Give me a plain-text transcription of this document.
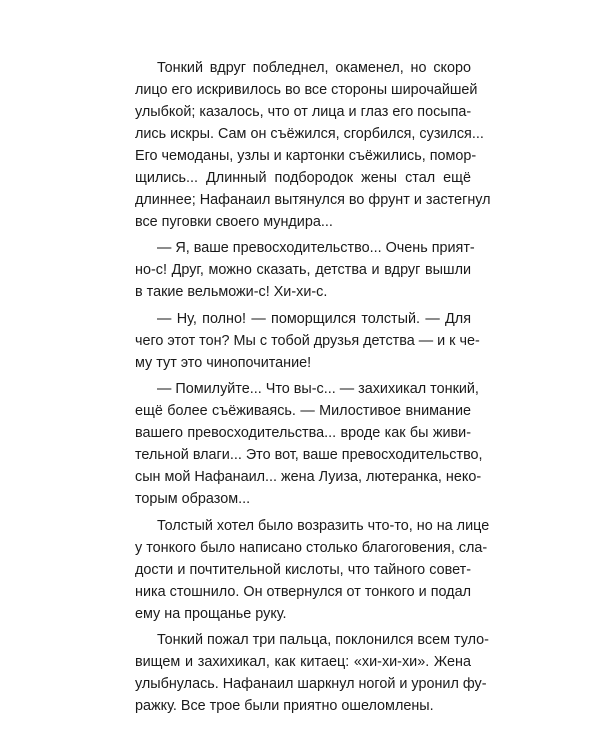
Тонкий вдруг побледнел, окаменел, но скоро
лицо его искривилось во все стороны широчайшей
улыбкой; казалось, что от лица и глаз его посыпа-
лись искры. Сам он съёжился, сгорбился, сузился...
Его чемоданы, узлы и картонки съёжились, помор-
щились... Длинный подбородок жены стал ещё
длиннее; Нафанаил вытянулся во фрунт и застегнул
все пуговки своего мундира...
— Я, ваше превосходительство... Очень прият-
но-с! Друг, можно сказать, детства и вдруг вышли
в такие вельможи-с! Хи-хи-с.
— Ну, полно! — поморщился толстый. — Для
чего этот тон? Мы с тобой друзья детства — и к че-
му тут это чинопочитание!
— Помилуйте... Что вы-с... — захихикал тонкий,
ещё более съёживаясь. — Милостивое внимание
вашего превосходительства... вроде как бы живи-
тельной влаги... Это вот, ваше превосходительство,
сын мой Нафанаил... жена Луиза, лютеранка, неко-
торым образом...
Толстый хотел было возразить что-то, но на лице
у тонкого было написано столько благоговения, сла-
дости и почтительной кислоты, что тайного совет-
ника стошнило. Он отвернулся от тонкого и подал
ему на прощанье руку.
Тонкий пожал три пальца, поклонился всем туло-
вищем и захихикал, как китаец: «хи-хи-хи». Жена
улыбнулась. Нафанаил шаркнул ногой и уронил фу-
ражку. Все трое были приятно ошеломлены.
